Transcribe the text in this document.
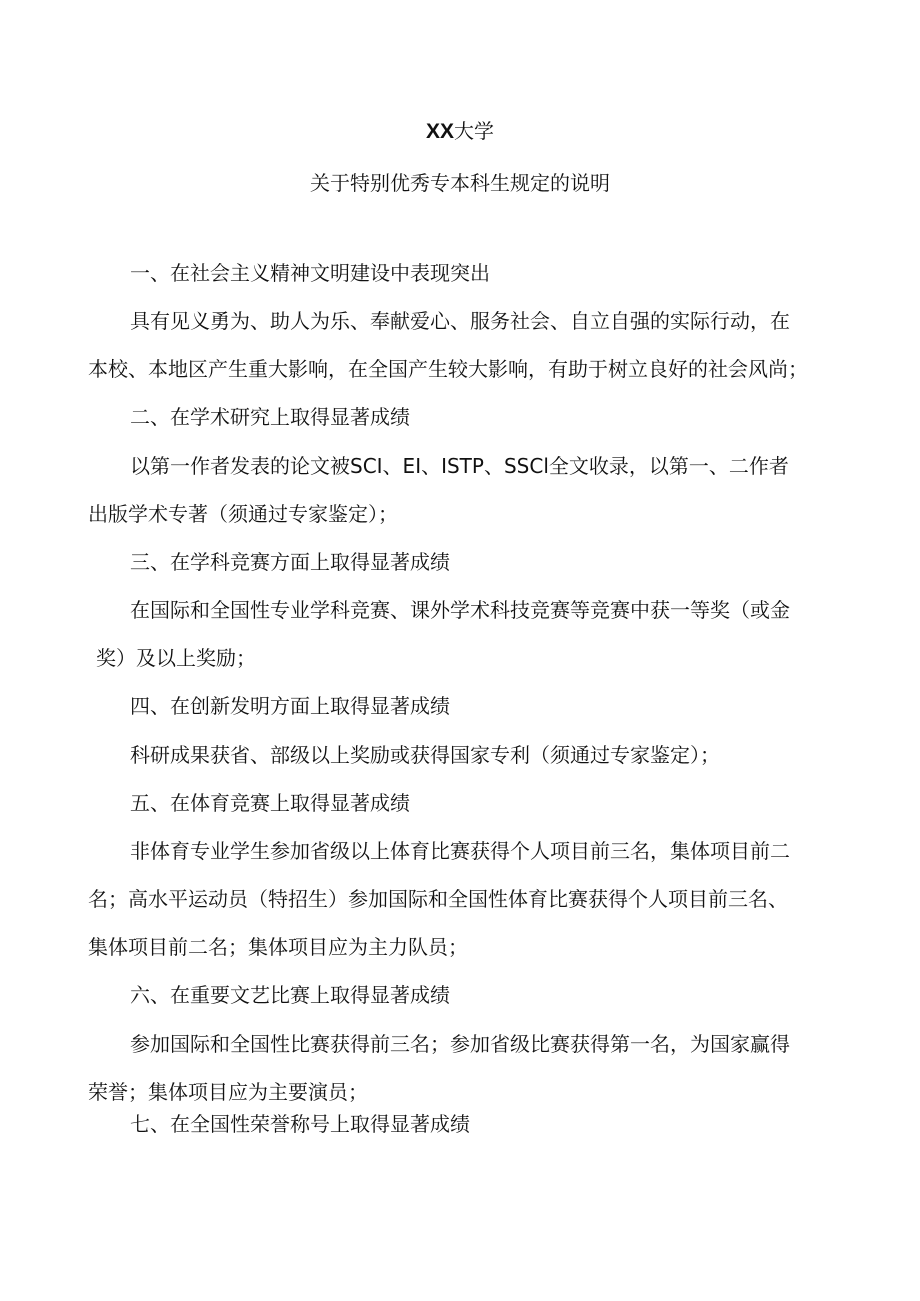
XX大学
关于特别优秀专本科生规定的说明
一、在社会主义精神文明建设中表现突出
具有见义勇为、助人为乐、奉献爱心、服务社会、自立自强的实际行动，在
本校、本地区产生重大影响，在全国产生较大影响，有助于树立良好的社会风尚；
二、在学术研究上取得显著成绩
以第一作者发表的论文被SCI、EI、ISTP、SSCl全文收录，以第一、二作者
出版学术专著（须通过专家鉴定）；
三、在学科竞赛方面上取得显著成绩
在国际和全国性专业学科竞赛、课外学术科技竞赛等竞赛中获一等奖（或金
奖）及以上奖励；
四、在创新发明方面上取得显著成绩
科研成果获省、部级以上奖励或获得国家专利（须通过专家鉴定）；
五、在体育竞赛上取得显著成绩
非体育专业学生参加省级以上体育比赛获得个人项目前三名，集体项目前二
名；高水平运动员（特招生）参加国际和全国性体育比赛获得个人项目前三名、
集体项目前二名；集体项目应为主力队员；
六、在重要文艺比赛上取得显著成绩
参加国际和全国性比赛获得前三名；参加省级比赛获得第一名，为国家赢得
荣誉；集体项目应为主要演员；
七、在全国性荣誉称号上取得显著成绩
